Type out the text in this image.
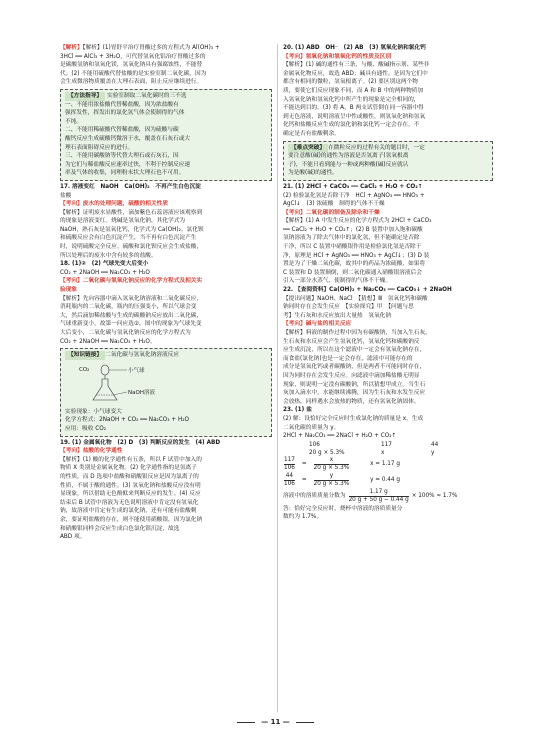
【解析】【解析】(1)胃舒平治疗胃酸过多的方程式为 Al(OH)₃ +
3HCl ══ AlCl₃ + 3H₂O，可代替氢氧化铝治疗胃酸过多的
是碳酸氢钠和氢氧化镁，氢氧化钠具有强腐蚀性，不能替
代；(2) 不能用硫酸代替盐酸的是实验室制二氧化碳，因为
会生成微溶物质覆盖在大理石表面，阻止反应继续进行。
【方法指导】 实验室制取二氧化碳时的三不选
一、不能用浓盐酸代替稀盐酸，因为浓盐酸有
强挥发性，挥发出的氯化氢气体会使制得的气体
不纯。
二、不能用稀硫酸代替稀盐酸，因为硫酸与碳
酸钙反应生成硫酸钙微溶于水，覆盖在石灰石或大
理石表面阻碍反应的进行。
三、不能用碳酸钠等代替大理石或石灰石，因
为它们与稀盐酸反应速率过快，不利于控制反应速
率及气体的收集，同理粉末状大理石也不可用。
17. 溶液变红　NaOH　Ca(OH)₂　不再产生白色沉淀
盐酸
【考向】废水的处理问题，硫酸的相关性质
【解析】证明废水显酸性，滴加紫色石蕊溶液应该观察到
的现象是溶液变红。烧碱是氢氧化钠，其化学式为
NaOH，熟石灰是氢氧化钙，化学式为 Ca(OH)₂。氯化钡
和硫酸反应会有白色沉淀产生，当不再有白色沉淀产生
时，说明硫酸完全反应。硫酸和氯化钡反应会生成盐酸，
所以处理后的废水中含有较多的盐酸。
18. (1)②　(2) 气球先变大后变小
CO₂ + 2NaOH ══ Na₂CO₃ + H₂O
【考向】二氧化碳与氢氧化钠反应的化学方程式及相关实
验现象
【解析】先向容器中滴入氢氧化钠溶液和二氧化碳反应，
消耗瓶内的二氧化碳，瓶内的压强变小，所以气球会变
大，然后滴加稀盐酸与生成的碳酸钠反应放出二氧化碳，
气球重新变小，故第一问应选②，图中的现象为气球先变
大后变小，二氧化碳与氢氧化钠反应的化学方程式为
CO₂ + 2NaOH ══ Na₂CO₃ + H₂O。
【知识链接】 二氧化碳与氢氧化钠溶液反应
CO₂	小气球
NaOH溶液
实验现象：小气球变大
化学方程式：2NaOH + CO₂ ══ Na₂CO₃ + H₂O
应用：吸收 CO₂
19. (1) 金属氧化物　(2) D　(3) 判断反应的发生　(4) ABD
【考向】盐酸的化学通性
【解析】(1) 酸的化学通性有五条，所以 F 试管中加入的
物质 X 类别是金属氧化物。(2) 化学通性指的是氢离子
的性质，而 D 选项中盐酸和硝酸银反应是因为氯离子的
性质，不属于酸的通性。(3) 氢氧化钠和盐酸反应没有明
显现象，所以借助无色酚酞来判断反应的发生。(4) 反应
结束后 B 试管中溶液为无色说明溶液中肯定没有氢氧化
钠，故溶液中肯定有生成的氯化钠，还有可能有盐酸剩
余，要证明盐酸的存在，则不能使用硝酸银，因为氯化钠
和硝酸银同样会反应生成白色氯化银沉淀，故选
ABD 项。
20. (1) ABD　OH⁻　(2) AB　(3) 氢氧化钠和氯化钙
【考向】氢氧化钠和氢氧化钙的性质及区别
【解析】(1) 碱的通性有三条，与酸、酸碱指示剂、某些非
金属氧化物反应，故选 ABD；碱具有通性，是因为它们中
都含有相同的微粒，氢氧根离子。(2) 要区别这两个物
质，要使它们反应现象不同，而 A 和 B 中的两种物质加
入氢氧化钠和氢氧化钙中所产生的现象是完全相同的，
不能达到目的。(3) 将 A、B 两支试管倒在同一容器中得
到无色溶液，说明溶液呈中性或酸性，则氢氧化钠和氢氧
化钙和盐酸反应生成的氯化钠和氯化钙一定会存在，不
确定是否有盐酸剩余。
【难点突破】 在微粒反应的过程有关的题目时，一定
要注意酸(碱)的通性为溶液是否氢离子(氢氧根离
子)，不能只看到能与一种或两种酸(碱)反应就认
为是酸(碱)的通性。
21. (1) 2HCl + CaCO₃ ══ CaCl₂ + H₂O + CO₂↑
(2) 检验氯化氢是否除干净　HCl + AgNO₃ ══ HNO₃ +
AgCl↓　(3) 浓硫酸　制得的气体不干燥
【考向】二氧化碳的制备及除杂和干燥
【解析】(1) A 中发生反应的化学方程式为 2HCl + CaCO₃
══ CaCl₂ + H₂O + CO₂↑；(2) B 装置中加入饱和碳酸
氢钠溶液为了除去气体中的氯化氢，但不能确定是否除
干净，所以 C 装置中硝酸银作用是检验氯化氢是否除干
净，原理是 HCl + AgNO₃ ══ HNO₃ + AgCl↓；(3) D 装
置是为了干燥二氧化碳，故其中的药品为浓硫酸，如果将
C 装置和 D 装置颠倒，则二氧化碳通入硝酸银溶液后会
引入一部分水蒸气，使制得的气体不干燥。
22. 【查阅资料】Ca(OH)₂ + Na₂CO₃ ══ CaCO₃↓ + 2NaOH
【提出问题】NaOH、NaCl　【猜想】Ⅲ　氢氧化钙和碳酸
钠同时存在会发生反应　【实验探究】甲　【问题与思
考】生石灰和水反应放出大量热　氢氧化钠
【考向】碱与盐的相关反应
【解析】料液的制作过程中因为有碳酸钠，当加入生石灰，
生石灰和水反应会产生氢氧化钙，氢氧化钙和碳酸钠反
应生成沉淀，所以在这个滤液中一定会有氢氧化钠存在，
而食盐(氯化钠)也是一定会存在，滤液中可能存在的
成分是氢氧化钙或者碳酸钠，但是两者不可能同时存在，
因为同时存在会发生反应。向滤液中滴加稀盐酸无明显
现象，则说明一定没有碳酸钠，所以猜想甲成立。当生石
灰加入滴水中，水能继续沸腾，因为生石灰和水发生反应
会放热，同样遇水会放热的物质，还有氢氧化钠固体。
23. (1) 盐
(2) 解：设恰好完全反应时生成氯化钠的质量是 x，生成
二氧化碳的质量为 y。
2HCl + Na₂CO₃ ══ 2NaCl + H₂O + CO₂↑
106	117	44
20 g × 5.3%	x	y
$\frac{117}{106} = \frac{x}{20 g \times 5.3\%}$	x = 1.17 g
$\frac{44}{106} = \frac{y}{20 g \times 5.3\%}$	y = 0.44 g
溶液中的溶质质量分数为 $\frac{1.17 g}{20 g + 50 g - 0.44 g} \times 100\% \approx 1.7\%$
答：恰好完全反应时，烧杯中溶液的溶质质量分
数约为 1.7%。
— 11 —
